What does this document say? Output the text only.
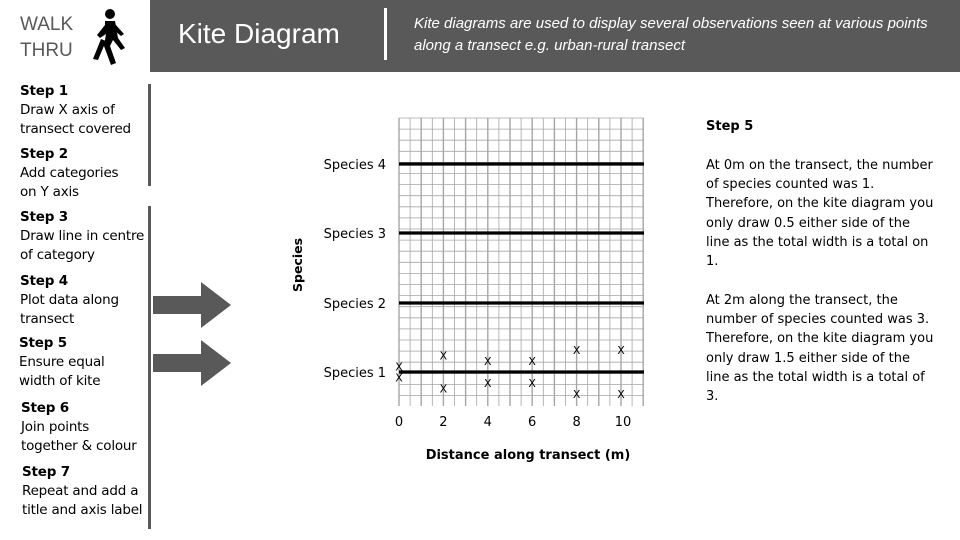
WALK
THRU
Kite Diagram	Kite diagrams are used to display several observations seen at various points along a transect e.g. urban-rural transect
Step 1
Draw X axis of
transect covered
Step 2
Add categories
on Y axis
Step 3
Draw line in centre
of category
Step 4
Plot data along
transect
Step 5
Ensure equal
width of kite
Step 6
Join points
together & colour
Step 7
Repeat and add a
title and axis label
Species 1
Species 2
Species 3
Species 4
0	2	4	6	8	10
X
X
X
X
X
X
X
X
X
X
X
X
Species
Distance along transect (m)
Step 5
At 0m on the transect, the number of species counted was 1. Therefore, on the kite diagram you only draw 0.5 either side of the line as the total width is a total on 1.
At 2m along the transect, the number of species counted was 3. Therefore, on the kite diagram you only draw 1.5 either side of the line as the total width is a total of 3.
